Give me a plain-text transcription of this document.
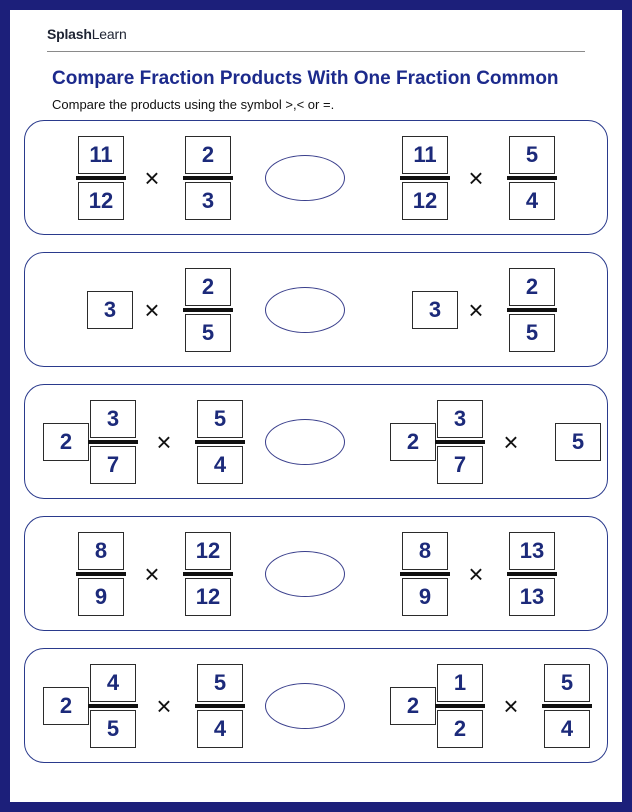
SplashLearn
Compare Fraction Products With One Fraction Common
Compare the products using the symbol >,< or =.
11
12
×
2
3
11
12
×
5
4
3	×
2
5
3	×
2
5
2
3
7
×
5
4
2
3
7
×	5
8
9
×
12
12
8
9
×
13
13
2
4
5
×
5
4
2
1
2
×
5
4
